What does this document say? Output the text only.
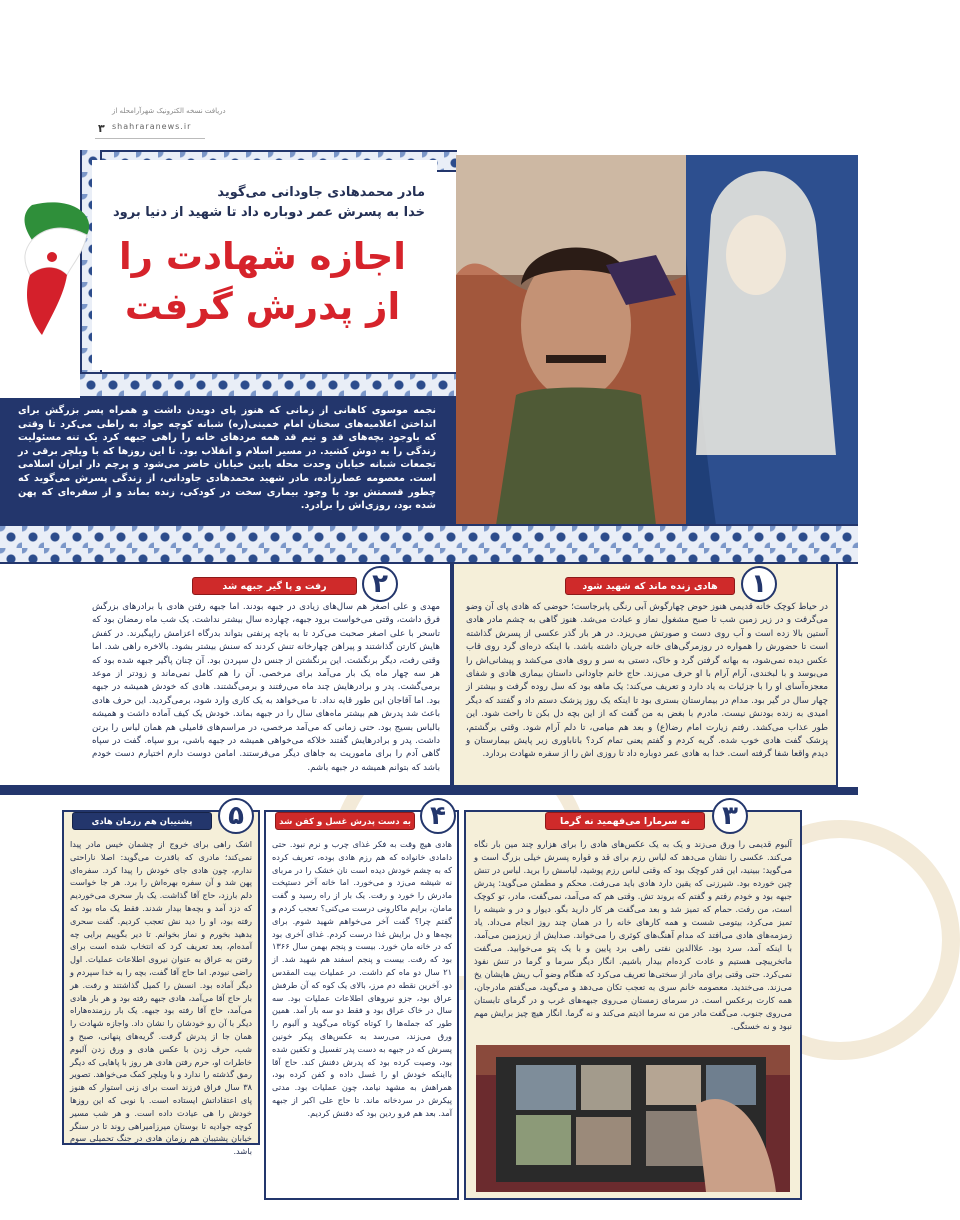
دریافت نسخه الکترونیک شهرآرامحله از
shahraranews.ir
۳
مادر محمدهادی جاودانی می‌گوید
خدا به پسرش عمر دوباره داد تا شهید از دنیا برود
اجازه شهادت را
از پدرش گرفت
نجمه موسوی کاهانی از زمانی که هنوز پای دویدن داشت و همراه پسر بزرگش برای انداختن اعلامیه‌های سخنان امام خمینی(ره) شبانه کوچه جواد به راطی می‌کرد تا وقتی که باوجود بچه‌های قد و نیم قد همه مردهای خانه را راهی جبهه کرد یک تنه مسئولیت زندگی را به دوش کشید. در مسیر اسلام و انقلاب بود. تا این روزها که با ویلچر برقی در تجمعات شبانه خیابان وحدت محله پایین خیابان حاضر می‌شود و پرچم دار ایران اسلامی است. معصومه عصارزاده، مادر شهید محمدهادی جاودانی، از زندگی پسرش می‌گوید که چطور قسمتش بود با وجود بیماری سخت در کودکی، زنده بماند و از سفره‌ای که پهن شده بود، روزی‌اش را برادرد.
۱
هادی زنده ماند که شهید شود
در حیاط کوچک خانه قدیمی هنوز حوض چهارگوش آبی رنگی پابرجاست؛ حوضی که هادی پای آن وضو می‌گرفت و در زیر زمین شب تا صبح مشغول نماز و عبادت می‌شد. هنوز گاهی به چشم مادر هادی آستین بالا زده است و آب روی دست و صورتش می‌ریزد. در هر بار گذر عکسی از پسرش گذاشته است تا حضورش را همواره در روزمرگی‌های خانه جریان داشته باشد. با اینکه ذره‌ای گرد روی قاب عکس دیده نمی‌شود، به بهانه گرفتن گرد و خاک، دستی به سر و روی هادی می‌کشد و پیشانی‌اش را می‌بوسد و با لبخندی، آرام آرام با او حرف می‌زند. حاج خانم جاودانی داستان بیماری هادی و شفای معجزه‌آسای او را با جزئیات به یاد دارد و تعریف می‌کند: یک ماهه بود که سل روده گرفت و بیشتر از چهار سال در گیر بود. مدام در بیمارستان بستری بود تا اینکه یک روز پزشک دستم داد و گفتند که دیگر امیدی به زنده بودنش نیست. مادرم با بغض به من گفت که از این بچه دل بکن تا راحت شود. این طور عذاب می‌کشد. رفتم زیارت امام رضا(ع) و بعد هم میامی، تا دلم آرام شود. وقتی برگشتم، پزشک گفت هادی خوب شده. گریه کردم و گفتم یعنی تمام کرد؟ باناباوری زیر پایش بیمارستان و دیدم واقعا شفا گرفته است. خدا به هادی عمر دوباره داد تا روزی اش را از سفره شهادت بردارد.
۲
رفت و پا گیر جبهه شد
مهدی و علی اصغر هم سال‌های زیادی در جبهه بودند. اما جبهه رفتن هادی با برادرهای بزرگش فرق داشت، وقتی می‌خواست برود جبهه، چهارده سال بیشتر نداشت. یک شب ماه رمضان بود که تاسحر با علی اصغر صحبت می‌کرد تا به باچه پرنفتی بتواند بدرگاه اعزامش راپیگیرند. در کفش هایش کارتن گذاشتند و پیراهن چهارخانه تنش کردند که سنش بیشتر بشود. بالاخره راهی شد. اما وقتی رفت، دیگر برنگشت. این برنگشتن از جنس دل سپردن بود. آن چنان پاگیر جبهه شده بود که هر سه چهار ماه یک بار می‌آمد برای مرخصی. آن را هم کامل نمی‌ماند و زودتر از موعد برمی‌گشت. پدر و برادرهایش چند ماه می‌رفتند و برمی‌گشتند. هادی که خودش همیشه در جبهه بود. اما آقاجان این طور قایه نداد. تا می‌خواهد به یک کاری وارد شود، برمی‌گردید. این حرف هادی باعث شد پدرش هم بیشتر ماه‌های سال را در جبهه بماند. خودش یک کیف آماده داشت و همیشه بالباس بسیج بود. حتی زمانی که می‌آمد مرخصی، در مراسم‌های فامیلی هم همان لباس را برتن داشت. پدر و برادرهایش گفتند خلاکه می‌خواهی همیشه در جبهه باشی، برو سپاه. گفت در سپاه گاهی آدم را برای ماموریت به جاهای دیگر می‌فرستند. امامن دوست دارم اختیارم دست خودم باشد که بتوانم همیشه در جبهه باشم.
۳
نه سرمارا می‌فهمید نه گرما
آلبوم قدیمی را ورق می‌زند و یک به یک عکس‌های هادی را برای هزارو چند مین بار نگاه می‌کند. عکسی را نشان می‌دهد که لباس رزم برای قد و قواره پسرش خیلی بزرگ است و می‌گوید: ببینید، این قدر کوچک بود که وقتی لباس رزم پوشید، لباسش را برید. لباس در تنش چین خورده بود. شیرزنی که یقین دارد هادی باید می‌رفت. محکم و مطمئن می‌گوید: پدرش جبهه بود و خودم رفتم و گفتم که بروند تش. وقتی هم که می‌آمد، نمی‌گفت، مادر، تو کوچک است، من رفت. حمام که تمیز شد و بعد می‌گفت هر کار دارید بگو. دیوار و در و شیشه را تمیز می‌کرد، بیتومی شست و همه کارهای خانه را در همان چند روز انجام می‌داد. یاد زمزمه‌های هادی می‌افتد که مدام آهنگ‌های کوثری را می‌خواند. صدایش از زیرزمین می‌آمد. با اینکه آمد، سرد بود. علاالدین نفتی راهی برد پایین و با یک پتو می‌خوابید. می‌گفت ماتخریبچی هستیم و عادت کرده‌ام بیدار باشیم. انگار دیگر سرما و گرما در تنش نفوذ نمی‌کرد. حتی وقتی برای مادر از سختی‌ها تعریف می‌کرد که هنگام وضو آب ریش هایشان یخ می‌زند. می‌خندید. معصومه خانم سری به تعجب تکان می‌دهد و می‌گوید، می‌گفتم مادرجان، همه کارت برعکس است. در سرمای زمستان می‌روی جبهه‌های غرب و در گرمای تابستان می‌روی جنوب. می‌گفت مادر من نه سرما اذیتم می‌کند و نه گرما. انگار هیچ چیز برایش مهم نبود و نه خستگی.
۴
به دست پدرش غسل و کفن شد
هادی هیچ وقت به فکر غذای چرب و نرم نبود. حتی دامادی خانواده که هم رزم هادی بوده، تعریف کرده که به چشم خودش دیده است نان خشک را در مربای نه شیشه می‌زد و می‌خورد. اما خانه آخر دستپخت مادرش را خورد و رفت. یک بار از راه رسید و گفت مامان، برایم ماکارونی درست می‌کنی؟ تعجب کردم و گفتم چرا؟ گفت آخر می‌خواهم شهید شوم. برای بچه‌ها و دل برایش غذا درست کردم. غذای آخری بود که در خانه مان خورد. بیست و پنجم بهمن سال ۱۳۶۶ بود که رفت. بیست و پنجم اسفند هم شهید شد. از ۲۱ سال دو ماه کم داشت. در عملیات بیت المقدس دو. آخرین نقطه دم مرز، بالای یک کوه که آن طرفش عراق بود، جزو نیروهای اطلاعات عملیات بود. سه سال در خاک عراق بود و فقط دو سه بار آمد. همین طور که جمله‌ها را کوتاه کوتاه می‌گوید و آلبوم را ورق می‌زند، می‌رسد به عکس‌های پیکر خونین پسرش که در جبهه به دست پدر تفسیل و تکفین شده بود، وصیت کرده بود که پدرش دفنش کند. حاج آقا بااینکه خودش او را غسل داده و کفن کرده بود، همراهش به مشهد نیامد، چون عملیات بود. مدتی پیکرش در سردخانه ماند. تا حاج علی اکبر از جبهه آمد. بعد هم فرو ردین بود که دفنش کردیم.
۵
پشتیبان هم رزمان هادی
اشک راهی برای خروج از چشمان خیس مادر پیدا نمی‌کند؛ مادری که باقدرت می‌گوید: اصلا ناراحتی ندارم، چون هادی جای خودش را پیدا کرد. سفره‌ای پهن شد و آن سفره بهره‌اش را برد. هر جا خواست دلم بارزد، حاج آقا گذاشت. یک بار سحری می‌خوردیم که دزد آمد و بچه‌ها بیدار شدند. فقط یک ماه بود که رفته بود، او را دید نش تعجب کردیم. گفت سحری بدهید بخورم و نماز بخوانم. تا دیر بگوییم برایی چه آمده‌ام، بعد تعریف کرد که انتخاب شده است برای رفتن به عراق به عنوان نیروی اطلاعات عملیات. اول راضی نبودم. اما حاج آقا گفت، بچه را به خدا سپردم و دیگر آماده بود. انسش را کمیل گذاشتند و رفت. هر بار حاج آقا می‌آمد، هادی جبهه رفته بود و هر بار هادی می‌آمد، حاج آقا رفته بود جبهه. یک بار رزمنده‌هاراه دیگر با آن رو خودشان را نشان داد. واجازه شهادت را همان جا از پدرش گرفت. گریه‌های پنهانی، صبح و شب، حرف زدن با عکس هادی و ورق زدن آلبوم خاطرات او، حرم رفتن هادی هر روز با پاهایی که دیگر رمق گذشته را ندارد و با ویلچر کمک می‌خواهد. تصویر ۳۸ سال فراق فرزند است برای زنی استوار که هنوز پای اعتقاداتش ایستاده است. با نوبی که این روزها خودش را هی عیادت داده است. و هر شب مسیر کوچه جوادیه تا بوستان میرزامیراهی روند تا در سنگر خیابان پشتیبان هم رزمان هادی در جنگ تحمیلی سوم باشد.
